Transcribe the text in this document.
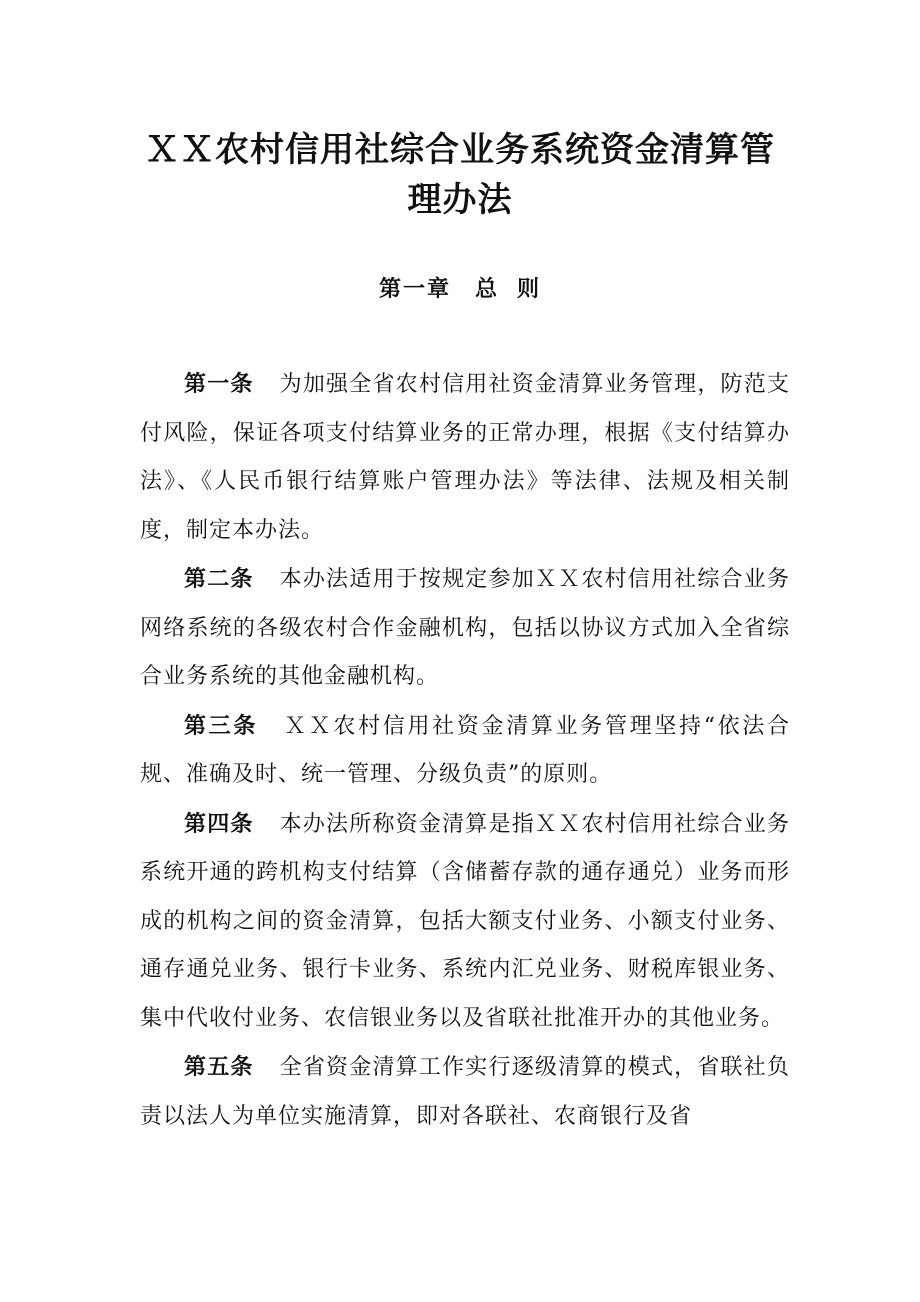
ＸＸ农村信用社综合业务系统资金清算管
理办法
第一章 总 则

第一条 为加强全省农村信用社资金清算业务管理，防范支付风险，保证各项支付结算业务的正常办理，根据《支付结算办法》、《人民币银行结算账户管理办法》等法律、法规及相关制度，制定本办法。

第二条 本办法适用于按规定参加ＸＸ农村信用社综合业务网络系统的各级农村合作金融机构，包括以协议方式加入全省综合业务系统的其他金融机构。

第三条 ＸＸ农村信用社资金清算业务管理坚持“依法合规、准确及时、统一管理、分级负责”的原则。

第四条 本办法所称资金清算是指ＸＸ农村信用社综合业务系统开通的跨机构支付结算（含储蓄存款的通存通兑）业务而形成的机构之间的资金清算，包括大额支付业务、小额支付业务、通存通兑业务、银行卡业务、系统内汇兑业务、财税库银业务、集中代收付业务、农信银业务以及省联社批准开办的其他业务。

第五条 全省资金清算工作实行逐级清算的模式，省联社负责以法人为单位实施清算，即对各联社、农商银行及省
